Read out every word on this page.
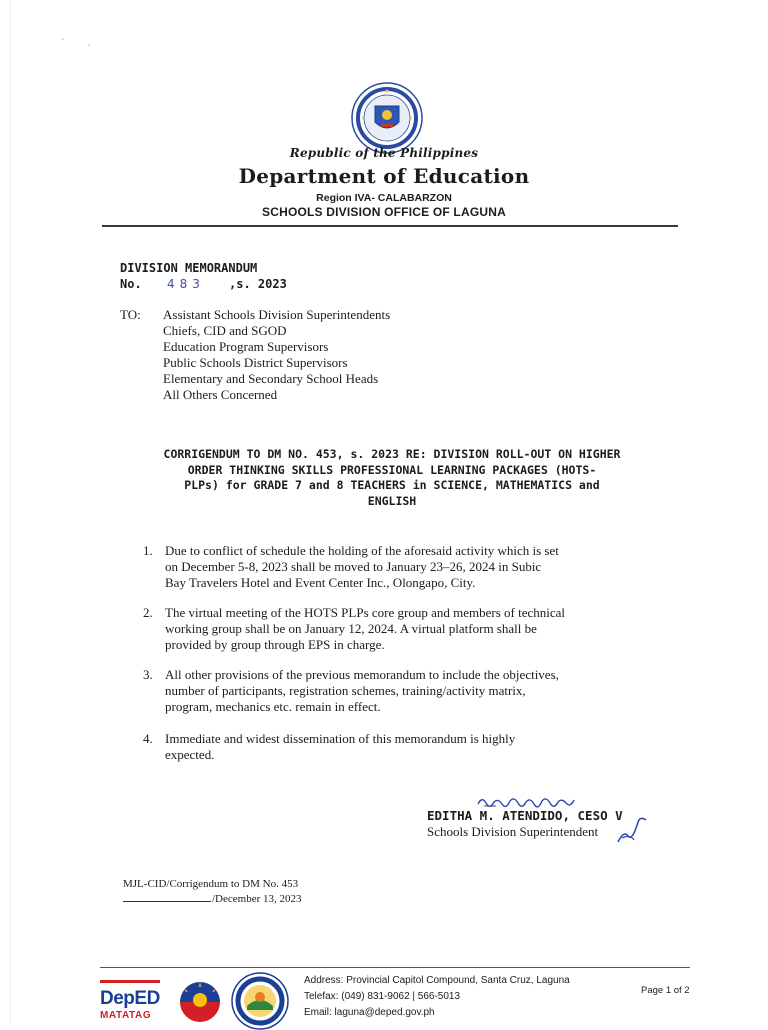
Republic of the Philippines
Department of Education
Region IVA- CALABARZON
SCHOOLS DIVISION OFFICE OF LAGUNA
DIVISION MEMORANDUM
No. 483 ,s. 2023
TO: Assistant Schools Division Superintendents
Chiefs, CID and SGOD
Education Program Supervisors
Public Schools District Supervisors
Elementary and Secondary School Heads
All Others Concerned
CORRIGENDUM TO DM NO. 453, s. 2023 RE: DIVISION ROLL-OUT ON HIGHER
ORDER THINKING SKILLS PROFESSIONAL LEARNING PACKAGES (HOTS-
PLPs) for GRADE 7 and 8 TEACHERS in SCIENCE, MATHEMATICS and
ENGLISH
1. Due to conflict of schedule the holding of the aforesaid activity which is set
on December 5-8, 2023 shall be moved to January 23–26, 2024 in Subic
Bay Travelers Hotel and Event Center Inc., Olongapo, City.
2. The virtual meeting of the HOTS PLPs core group and members of technical
working group shall be on January 12, 2024. A virtual platform shall be
provided by group through EPS in charge.
3. All other provisions of the previous memorandum to include the objectives,
number of participants, registration schemes, training/activity matrix,
program, mechanics etc. remain in effect.
4. Immediate and widest dissemination of this memorandum is highly
expected.
EDITHA M. ATENDIDO, CESO V
Schools Division Superintendent
MJL-CID/Corrigendum to DM No. 453
/December 13, 2023
DepED
MATATAG
Address: Provincial Capitol Compound, Santa Cruz, Laguna
Telefax: (049) 831-9062 | 566-5013
Email: laguna@deped.gov.ph
Page 1 of 2
